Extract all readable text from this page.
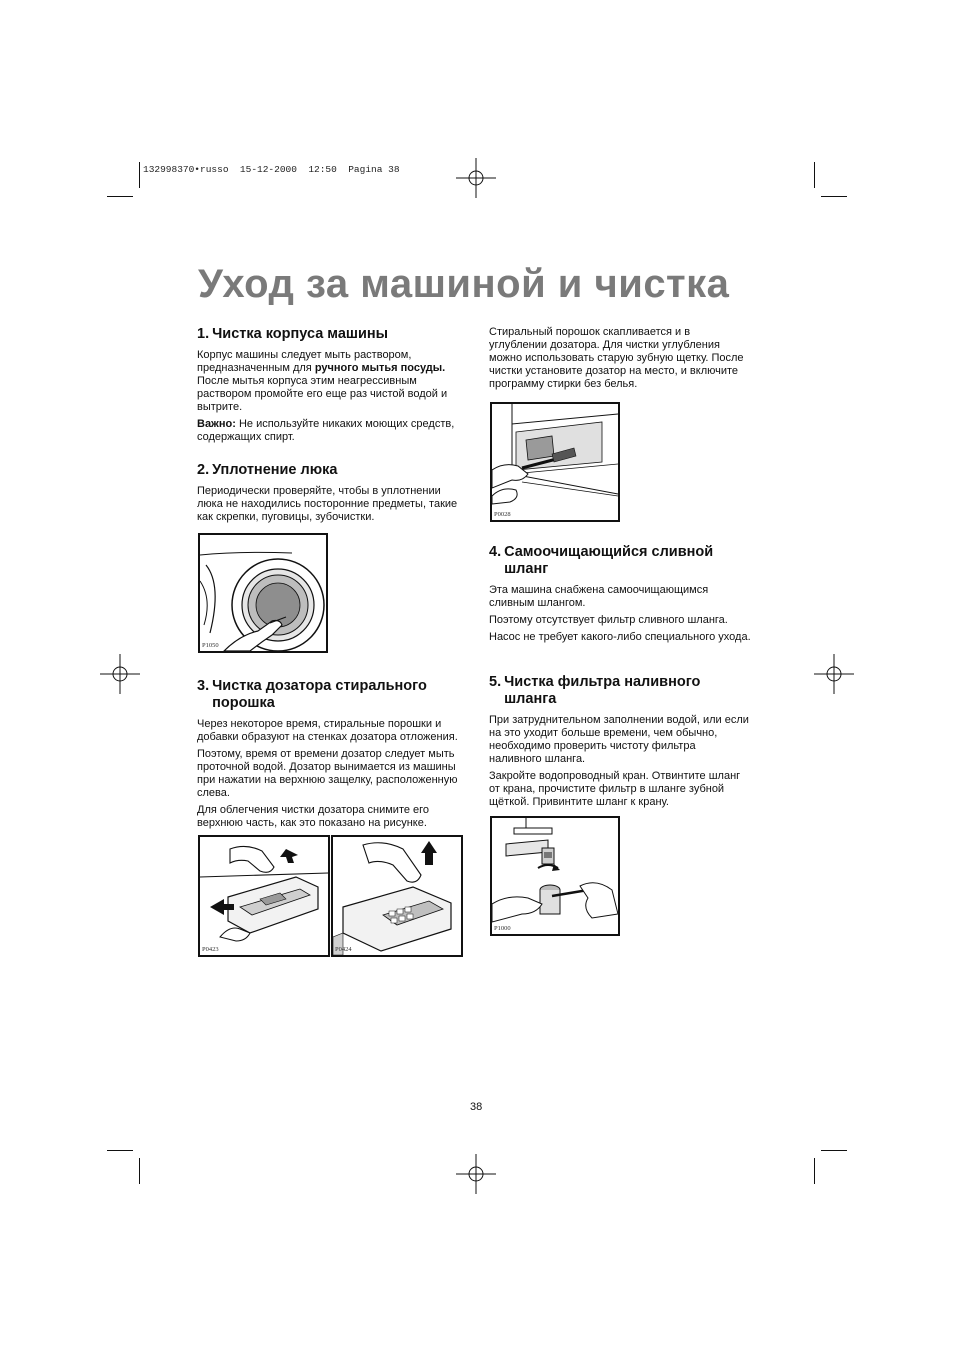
132998370•russo  15-12-2000  12:50  Pagina 38
Уход за машиной и чистка
1. Чистка корпуса машины

Корпус машины следует мыть раствором, предназначенным для ручного мытья посуды. После мытья корпуса этим неагрессивным раствором промойте его еще раз чистой водой и вытрите.

Важно: Не используйте никаких моющих средств, содержащих спирт.

2. Уплотнение люка

Периодически проверяйте, чтобы в уплотнении люка не находились посторонние предметы, такие как скрепки, пуговицы, зубочистки.

P1050
3. Чистка дозатора стирального порошка

Через некоторое время, стиральные порошки и добавки образуют на стенках дозатора отложения.

Поэтому, время от времени дозатор следует мыть проточной водой. Дозатор вынимается из машины при нажатии на верхнюю защелку, расположенную слева.

Для облегчения чистки дозатора снимите его верхнюю часть, как это показано на рисунке.

P0423	P0424

Стиральный порошок скапливается и в углублении дозатора. Для чистки углубления можно использовать старую зубную щетку. После чистки установите дозатор на место, и включите программу стирки без белья.

P0028
4. Самоочищающийся сливной шланг

Эта машина снабжена самоочищающимся сливным шлангом.

Поэтому отсутствует фильтр сливного шланга.

Насос не требует какого-либо специального ухода.

5. Чистка фильтра наливного шланга

При затруднительном заполнении водой, или если на это уходит больше времени, чем обычно, необходимо проверить чистоту фильтра наливного шланга.

Закройте водопроводный кран. Отвинтите шланг от крана, прочистите фильтр в шланге зубной щёткой. Привинтите шланг к крану.

P1000
38
